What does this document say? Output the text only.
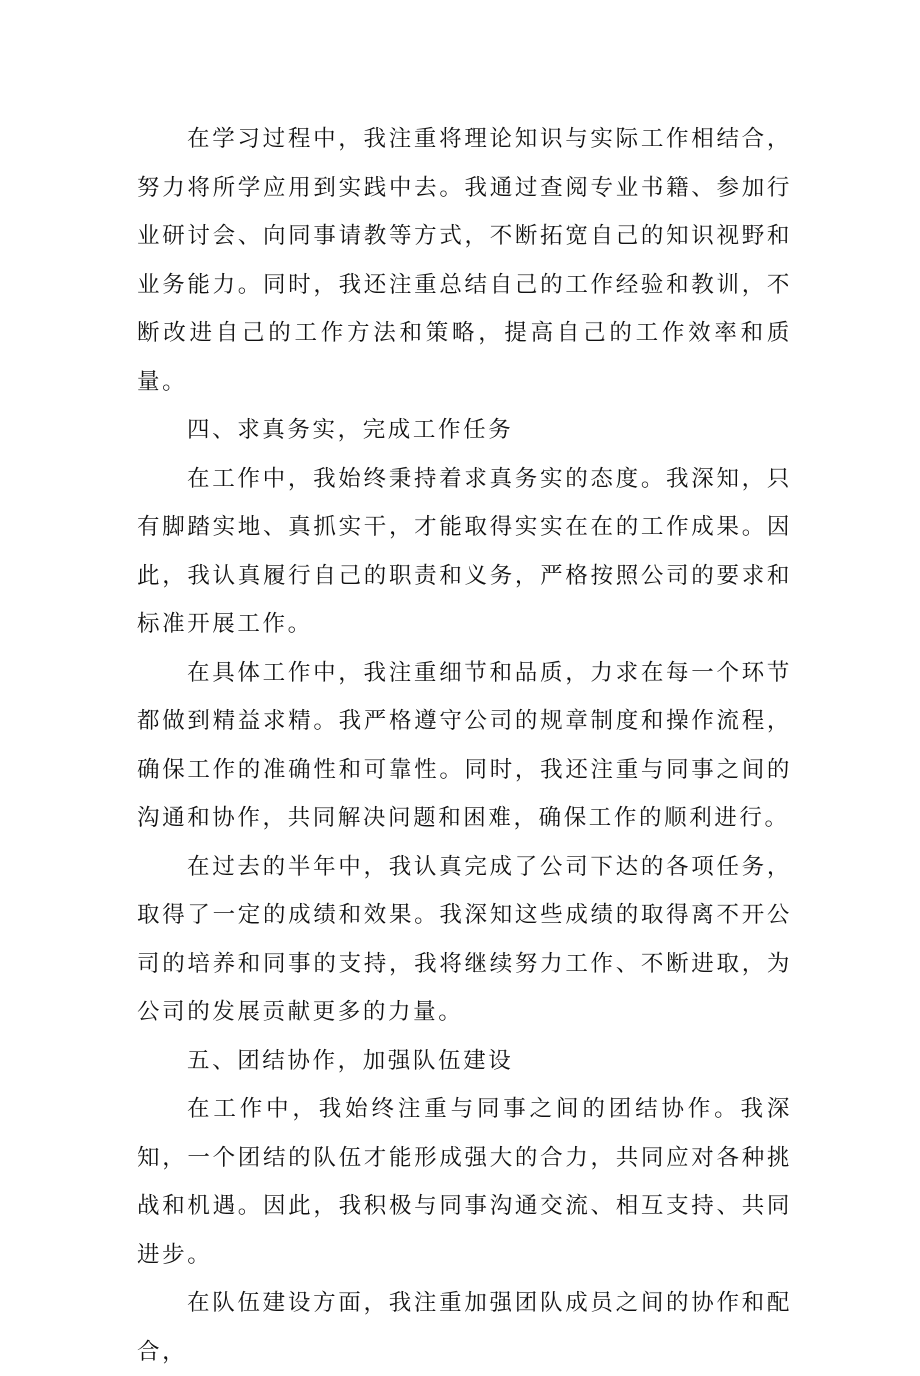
在学习过程中，我注重将理论知识与实际工作相结合，努力将所学应用到实践中去。我通过查阅专业书籍、参加行业研讨会、向同事请教等方式，不断拓宽自己的知识视野和业务能力。同时，我还注重总结自己的工作经验和教训，不断改进自己的工作方法和策略，提高自己的工作效率和质量。

四、求真务实，完成工作任务

在工作中，我始终秉持着求真务实的态度。我深知，只有脚踏实地、真抓实干，才能取得实实在在的工作成果。因此，我认真履行自己的职责和义务，严格按照公司的要求和标准开展工作。

在具体工作中，我注重细节和品质，力求在每一个环节都做到精益求精。我严格遵守公司的规章制度和操作流程，确保工作的准确性和可靠性。同时，我还注重与同事之间的沟通和协作，共同解决问题和困难，确保工作的顺利进行。

在过去的半年中，我认真完成了公司下达的各项任务，取得了一定的成绩和效果。我深知这些成绩的取得离不开公司的培养和同事的支持，我将继续努力工作、不断进取，为公司的发展贡献更多的力量。

五、团结协作，加强队伍建设

在工作中，我始终注重与同事之间的团结协作。我深知，一个团结的队伍才能形成强大的合力，共同应对各种挑战和机遇。因此，我积极与同事沟通交流、相互支持、共同进步。

在队伍建设方面，我注重加强团队成员之间的协作和配合，
